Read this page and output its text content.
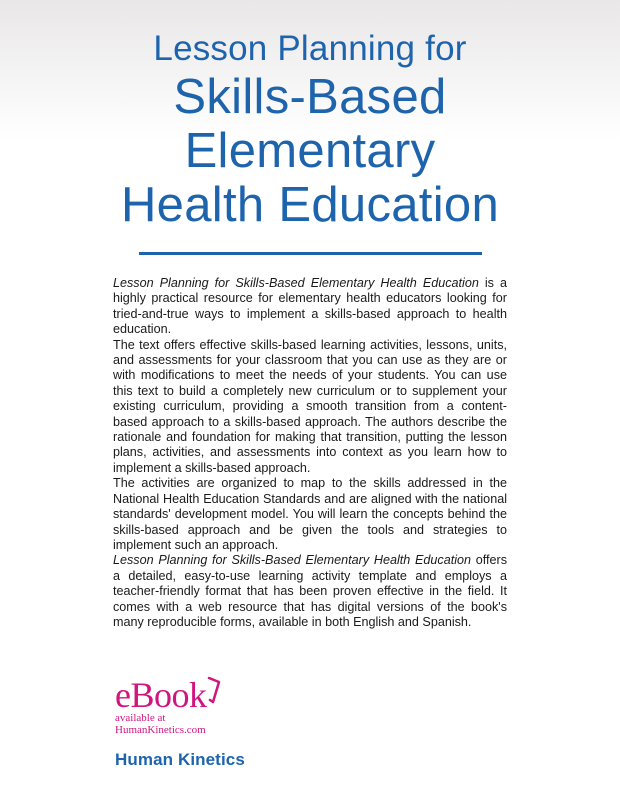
Lesson Planning for
Skills-Based
Elementary
Health Education

Lesson Planning for Skills-Based Elementary Health Education is a highly practical resource for elementary health educators looking for tried-and-true ways to implement a skills-based approach to health education.

The text offers effective skills-based learning activities, lessons, units, and assessments for your classroom that you can use as they are or with modifications to meet the needs of your students. You can use this text to build a completely new curriculum or to supplement your existing curriculum, providing a smooth transition from a content-based approach to a skills-based approach. The authors describe the rationale and foundation for making that transition, putting the lesson plans, activities, and assessments into context as you learn how to implement a skills-based approach.

The activities are organized to map to the skills addressed in the National Health Education Standards and are aligned with the national standards' development model. You will learn the concepts behind the skills-based approach and be given the tools and strategies to implement such an approach.

Lesson Planning for Skills-Based Elementary Health Education offers a detailed, easy-to-use learning activity template and employs a teacher-friendly format that has been proven effective in the field. It comes with a web resource that has digital versions of the book's many reproducible forms, available in both English and Spanish.

eBook
available at
HumanKinetics.com
Human Kinetics
